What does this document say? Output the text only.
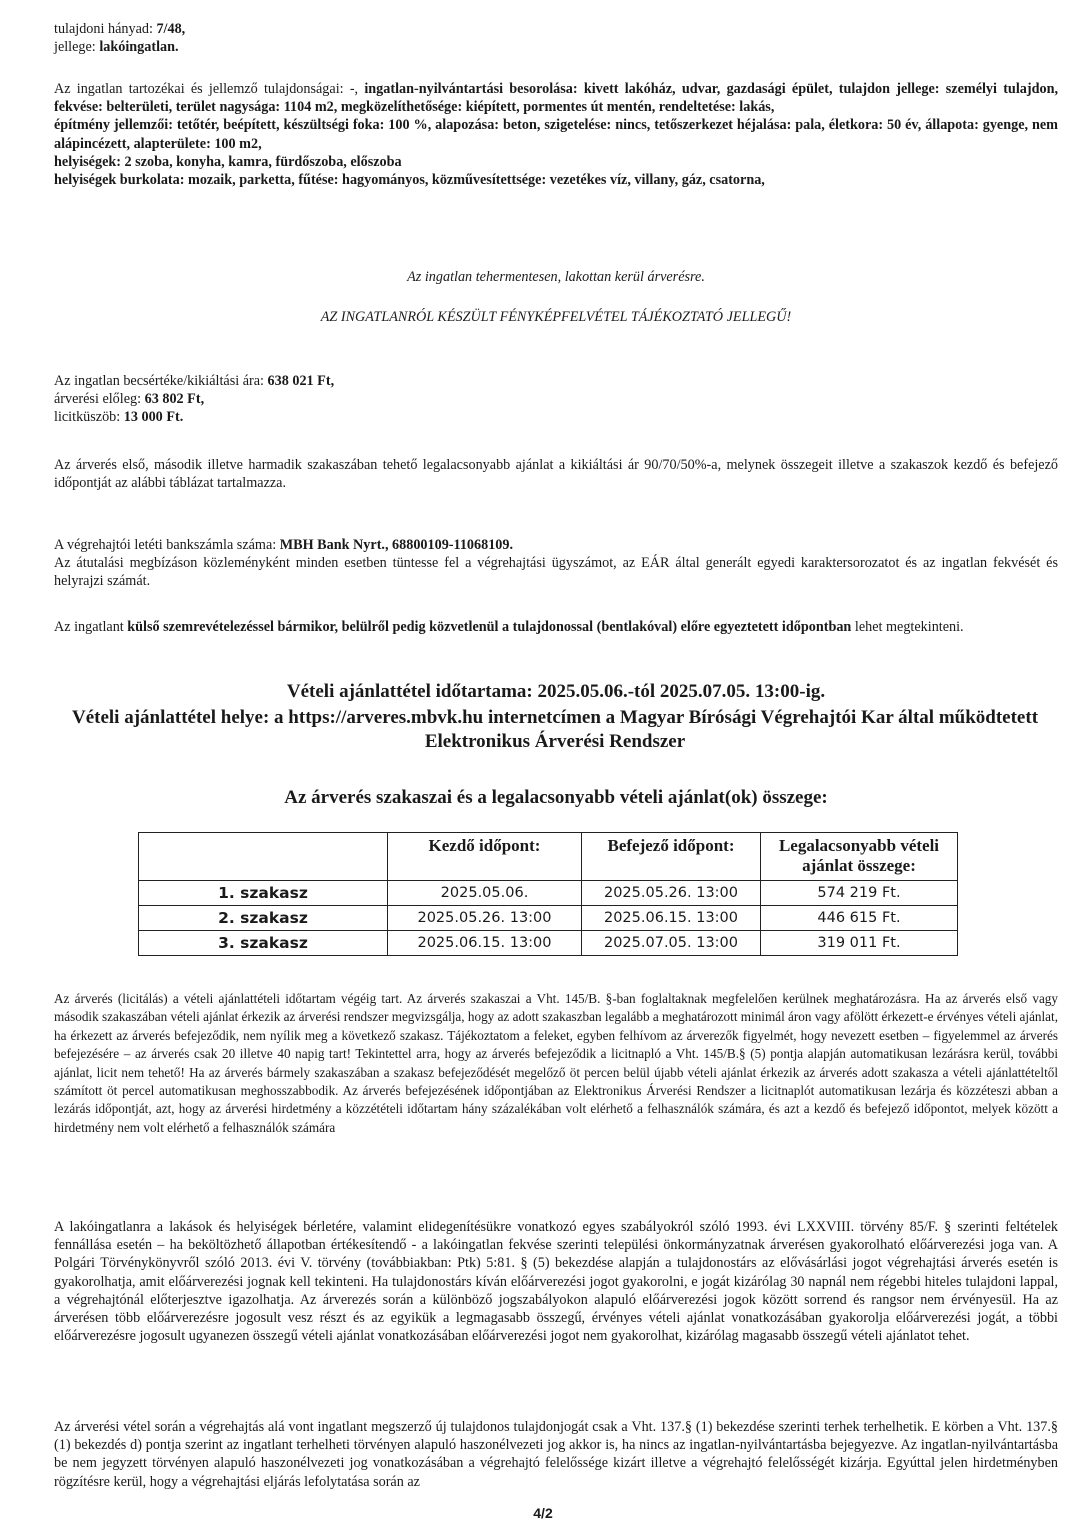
tulajdoni hányad: 7/48,

jellege: lakóingatlan.

Az ingatlan tartozékai és jellemző tulajdonságai: -, ingatlan-nyilvántartási besorolása: kivett lakóház, udvar, gazdasági épület, tulajdon jellege: személyi tulajdon, fekvése: belterületi, terület nagysága: 1104 m2, megközelíthetősége: kiépített, pormentes út mentén, rendeltetése: lakás,

építmény jellemzői: tetőtér, beépített, készültségi foka: 100 %, alapozása: beton, szigetelése: nincs, tetőszerkezet héjalása: pala, életkora: 50 év, állapota: gyenge, nem alápincézett, alapterülete: 100 m2,

helyiségek: 2 szoba, konyha, kamra, fürdőszoba, előszoba

helyiségek burkolata: mozaik, parketta, fűtése: hagyományos, közművesítettsége: vezetékes víz, villany, gáz, csatorna,

Az ingatlan tehermentesen, lakottan kerül árverésre.
AZ INGATLANRÓL KÉSZÜLT FÉNYKÉPFELVÉTEL TÁJÉKOZTATÓ JELLEGŰ!

Az ingatlan becsértéke/kikiáltási ára: 638 021 Ft,

árverési előleg: 63 802 Ft,

licitküszöb: 13 000 Ft.

Az árverés első, második illetve harmadik szakaszában tehető legalacsonyabb ajánlat a kikiáltási ár 90/70/50%-a, melynek összegeit illetve a szakaszok kezdő és befejező időpontját az alábbi táblázat tartalmazza.

A végrehajtói letéti bankszámla száma: MBH Bank Nyrt., 68800109-11068109.

Az átutalási megbízáson közleményként minden esetben tüntesse fel a végrehajtási ügyszámot, az EÁR által generált egyedi karaktersorozatot és az ingatlan fekvését és helyrajzi számát.

Az ingatlant külső szemrevételezéssel bármikor, belülről pedig közvetlenül a tulajdonossal (bentlakóval) előre egyeztetett időpontban lehet megtekinteni.

Vételi ajánlattétel időtartama: 2025.05.06.-tól 2025.07.05. 13:00-ig.
Vételi ajánlattétel helye: a https://arveres.mbvk.hu internetcímen a Magyar Bírósági Végrehajtói Kar által működtetett Elektronikus Árverési Rendszer
Az árverés szakaszai és a legalacsonyabb vételi ajánlat(ok) összege:
	Kezdő időpont:	Befejező időpont:	Legalacsonyabb vételi ajánlat összege:
1. szakasz	2025.05.06.	2025.05.26. 13:00	574 219 Ft.
2. szakasz	2025.05.26. 13:00	2025.06.15. 13:00	446 615 Ft.
3. szakasz	2025.06.15. 13:00	2025.07.05. 13:00	319 011 Ft.
Az árverés (licitálás) a vételi ajánlattételi időtartam végéig tart. Az árverés szakaszai a Vht. 145/B. §-ban foglaltaknak megfelelően kerülnek meghatározásra. Ha az árverés első vagy második szakaszában vételi ajánlat érkezik az árverési rendszer megvizsgálja, hogy az adott szakaszban legalább a meghatározott minimál áron vagy afölött érkezett-e érvényes vételi ajánlat, ha érkezett az árverés befejeződik, nem nyílik meg a következő szakasz. Tájékoztatom a feleket, egyben felhívom az árverezők figyelmét, hogy nevezett esetben – figyelemmel az árverés befejezésére – az árverés csak 20 illetve 40 napig tart! Tekintettel arra, hogy az árverés befejeződik a licitnapló a Vht. 145/B.§ (5) pontja alapján automatikusan lezárásra kerül, további ajánlat, licit nem tehető! Ha az árverés bármely szakaszában a szakasz befejeződését megelőző öt percen belül újabb vételi ajánlat érkezik az árverés adott szakasza a vételi ajánlattételtől számított öt percel automatikusan meghosszabbodik. Az árverés befejezésének időpontjában az Elektronikus Árverési Rendszer a licitnaplót automatikusan lezárja és közzéteszi abban a lezárás időpontját, azt, hogy az árverési hirdetmény a közzétételi időtartam hány százalékában volt elérhető a felhasználók számára, és azt a kezdő és befejező időpontot, melyek között a hirdetmény nem volt elérhető a felhasználók számára
A lakóingatlanra a lakások és helyiségek bérletére, valamint elidegenítésükre vonatkozó egyes szabályokról szóló 1993. évi LXXVIII. törvény 85/F. § szerinti feltételek fennállása esetén – ha beköltözhető állapotban értékesítendő - a lakóingatlan fekvése szerinti települési önkormányzatnak árverésen gyakorolható előárverezési joga van. A Polgári Törvénykönyvről szóló 2013. évi V. törvény (továbbiakban: Ptk) 5:81. § (5) bekezdése alapján a tulajdonostárs az elővásárlási jogot végrehajtási árverés esetén is gyakorolhatja, amit előárverezési jognak kell tekinteni. Ha tulajdonostárs kíván előárverezési jogot gyakorolni, e jogát kizárólag 30 napnál nem régebbi hiteles tulajdoni lappal, a végrehajtónál előterjesztve igazolhatja. Az árverezés során a különböző jogszabályokon alapuló előárverezési jogok között sorrend és rangsor nem érvényesül. Ha az árverésen több előárverezésre jogosult vesz részt és az egyikük a legmagasabb összegű, érvényes vételi ajánlat vonatkozásában gyakorolja előárverezési jogát, a többi előárverezésre jogosult ugyanezen összegű vételi ajánlat vonatkozásában előárverezési jogot nem gyakorolhat, kizárólag magasabb összegű vételi ajánlatot tehet.
Az árverési vétel során a végrehajtás alá vont ingatlant megszerző új tulajdonos tulajdonjogát csak a Vht. 137.§ (1) bekezdése szerinti terhek terhelhetik. E körben a Vht. 137.§ (1) bekezdés d) pontja szerint az ingatlant terhelheti törvényen alapuló haszonélvezeti jog akkor is, ha nincs az ingatlan-nyilvántartásba bejegyezve. Az ingatlan-nyilvántartásba be nem jegyzett törvényen alapuló haszonélvezeti jog vonatkozásában a végrehajtó felelőssége kizárt illetve a végrehajtó felelősségét kizárja. Egyúttal jelen hirdetményben rögzítésre kerül, hogy a végrehajtási eljárás lefolytatása során az
4/2
